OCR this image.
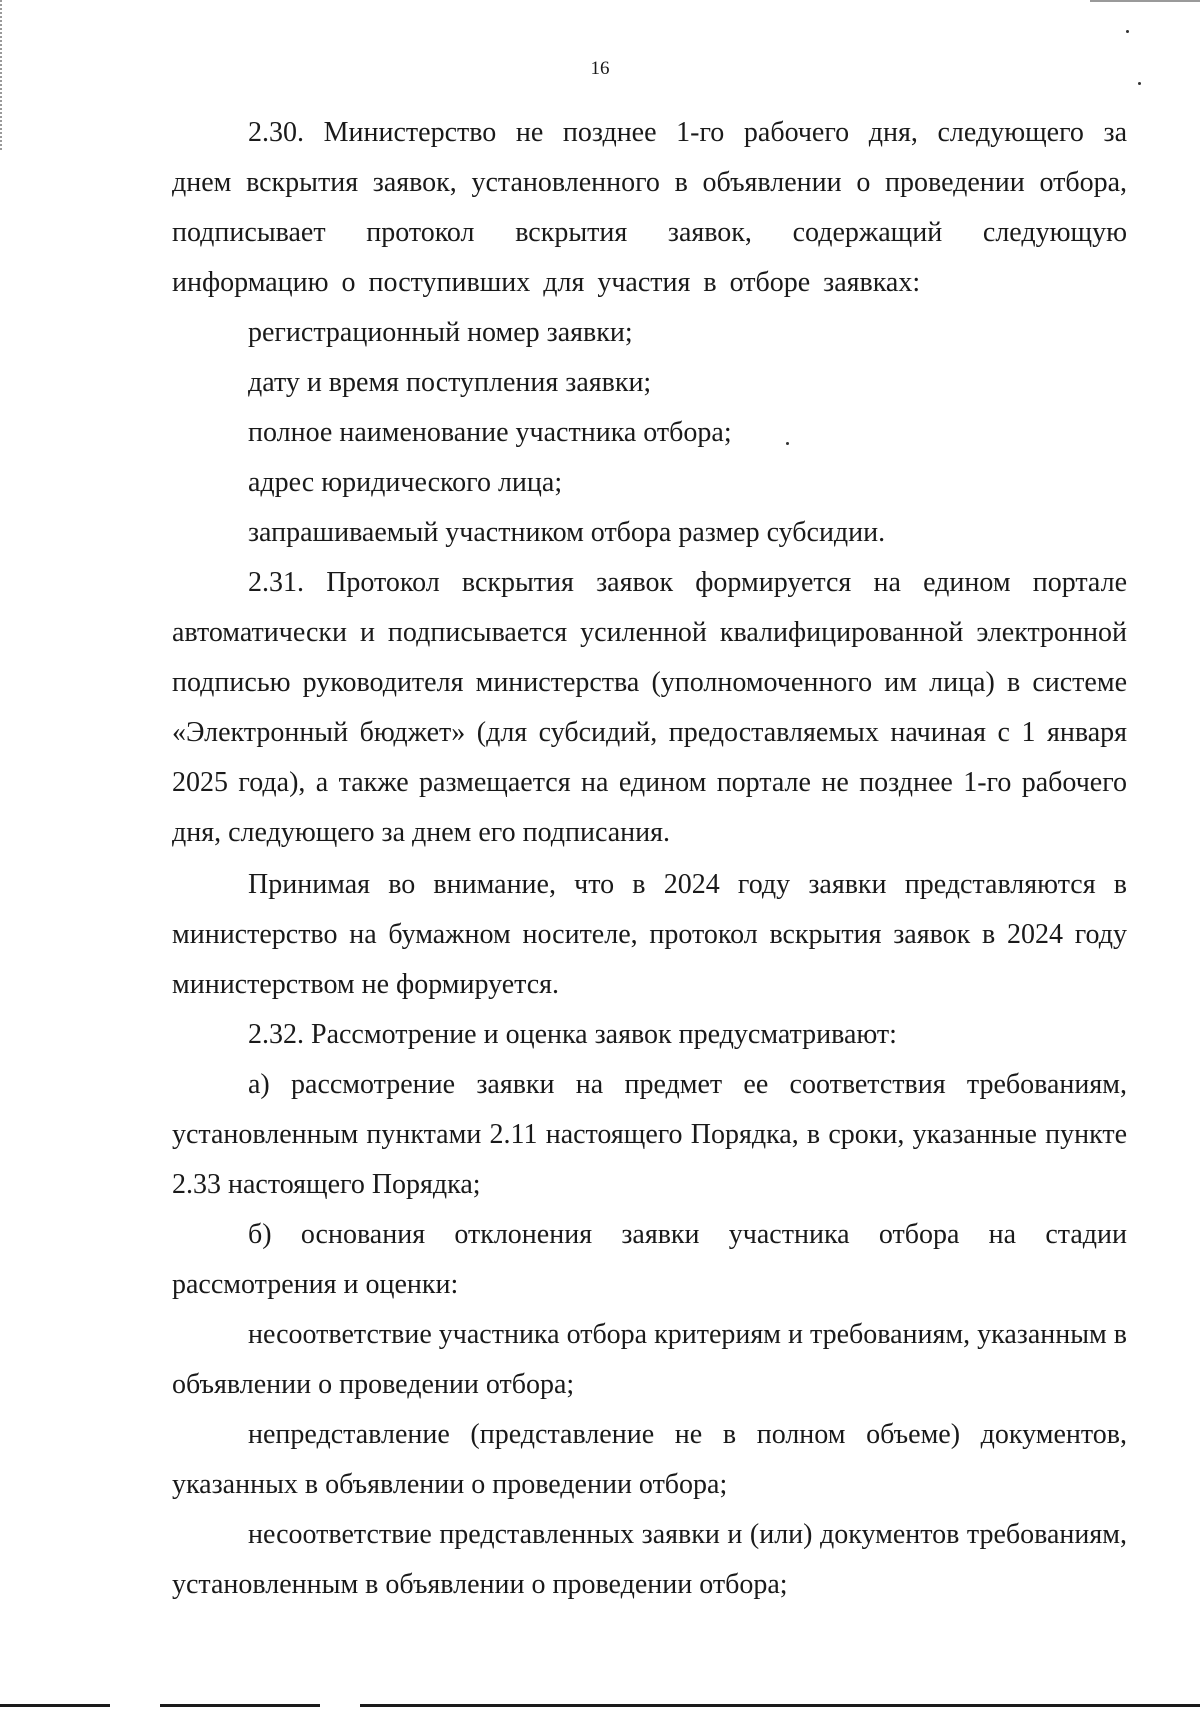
16

2.30. Министерство не позднее 1-го рабочего дня, следующего за днем вскрытия заявок, установленного в объявлении о проведении отбора, подписывает протокол вскрытия заявок, содержащий следующую информацию о поступивших для участия в отборе заявках:

регистрационный номер заявки;

дату и время поступления заявки;

полное наименование участника отбора;

адрес юридического лица;

запрашиваемый участником отбора размер субсидии.

2.31. Протокол вскрытия заявок формируется на едином портале автоматически и подписывается усиленной квалифицированной электронной подписью руководителя министерства (уполномоченного им лица) в системе «Электронный бюджет» (для субсидий, предоставляемых начиная с 1 января 2025 года), а также размещается на едином портале не позднее 1-го рабочего дня, следующего за днем его подписания.

Принимая во внимание, что в 2024 году заявки представляются в министерство на бумажном носителе, протокол вскрытия заявок в 2024 году министерством не формируется.

2.32. Рассмотрение и оценка заявок предусматривают:

а) рассмотрение заявки на предмет ее соответствия требованиям, установленным пунктами 2.11 настоящего Порядка, в сроки, указанные пункте 2.33 настоящего Порядка;

б) основания отклонения заявки участника отбора на стадии рассмотрения и оценки:

несоответствие участника отбора критериям и требованиям, указанным в объявлении о проведении отбора;

непредставление (представление не в полном объеме) документов, указанных в объявлении о проведении отбора;

несоответствие представленных заявки и (или) документов требованиям, установленным в объявлении о проведении отбора;
